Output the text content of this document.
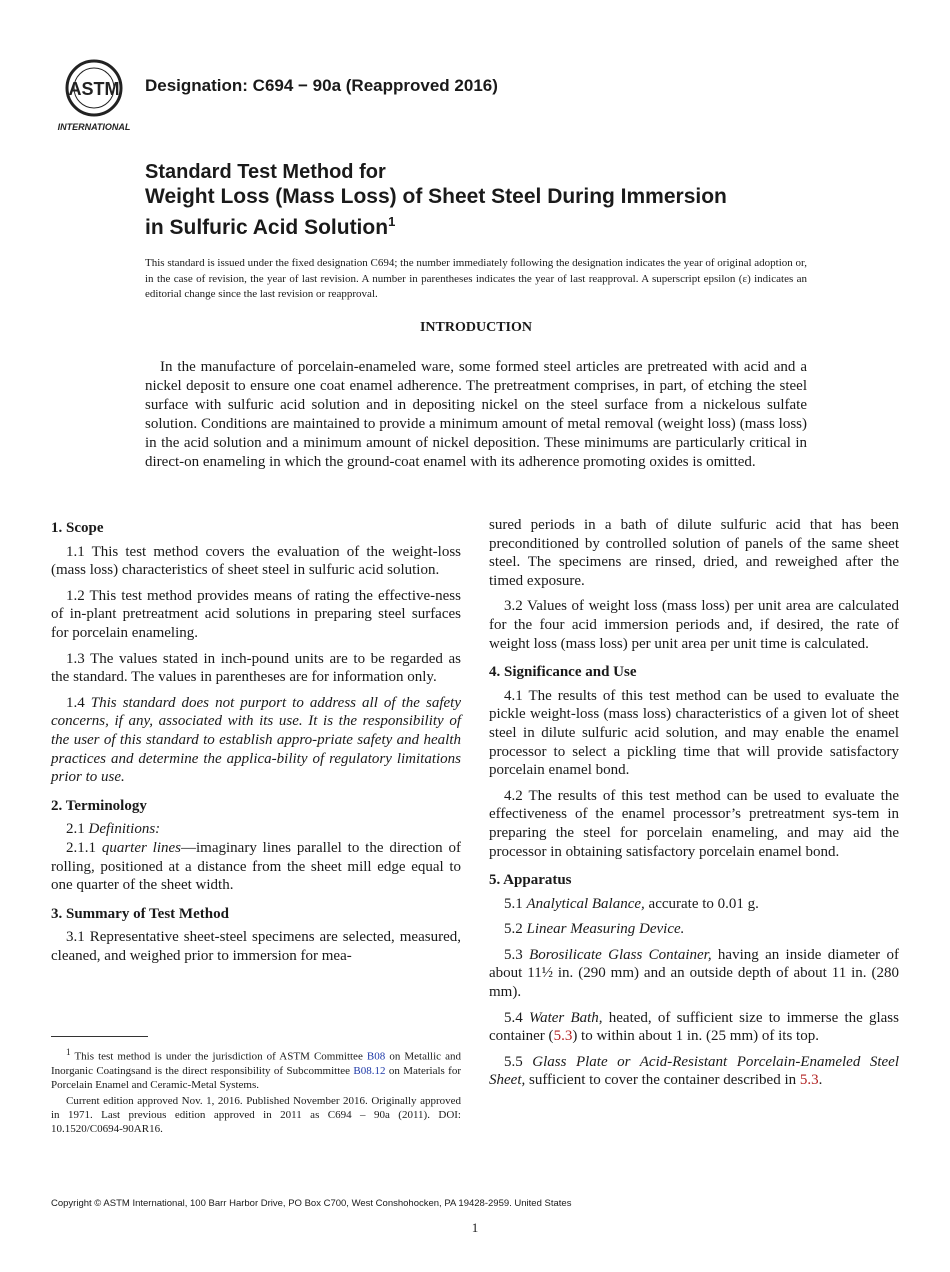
ASTM
INTERNATIONAL
Designation: C694 − 90a (Reapproved 2016)
Standard Test Method for
Weight Loss (Mass Loss) of Sheet Steel During Immersion
in Sulfuric Acid Solution$^1$
This standard is issued under the fixed designation C694; the number immediately following the designation indicates the year of original adoption or, in the case of revision, the year of last revision. A number in parentheses indicates the year of last reapproval. A superscript epsilon (ε) indicates an editorial change since the last revision or reapproval.
INTRODUCTION

In the manufacture of porcelain-enameled ware, some formed steel articles are pretreated with acid and a nickel deposit to ensure one coat enamel adherence. The pretreatment comprises, in part, of etching the steel surface with sulfuric acid solution and in depositing nickel on the steel surface from a nickelous sulfate solution. Conditions are maintained to provide a minimum amount of metal removal (weight loss) (mass loss) in the acid solution and a minimum amount of nickel deposition. These minimums are particularly critical in direct-on enameling in which the ground-coat enamel with its adherence promoting oxides is omitted.

1. Scope

1.1 This test method covers the evaluation of the weight-loss (mass loss) characteristics of sheet steel in sulfuric acid solution.

1.2 This test method provides means of rating the effective-ness of in-plant pretreatment acid solutions in preparing steel surfaces for porcelain enameling.

1.3 The values stated in inch-pound units are to be regarded as the standard. The values in parentheses are for information only.

1.4 This standard does not purport to address all of the safety concerns, if any, associated with its use. It is the responsibility of the user of this standard to establish appro-priate safety and health practices and determine the applica-bility of regulatory limitations prior to use.

2. Terminology

2.1 Definitions:

2.1.1 quarter lines—imaginary lines parallel to the direction of rolling, positioned at a distance from the sheet mill edge equal to one quarter of the sheet width.

3. Summary of Test Method

3.1 Representative sheet-steel specimens are selected, measured, cleaned, and weighed prior to immersion for mea-

sured periods in a bath of dilute sulfuric acid that has been preconditioned by controlled solution of panels of the same sheet steel. The specimens are rinsed, dried, and reweighed after the timed exposure.

3.2 Values of weight loss (mass loss) per unit area are calculated for the four acid immersion periods and, if desired, the rate of weight loss (mass loss) per unit area per unit time is calculated.

4. Significance and Use

4.1 The results of this test method can be used to evaluate the pickle weight-loss (mass loss) characteristics of a given lot of sheet steel in dilute sulfuric acid solution, and may enable the enamel processor to select a pickling time that will provide satisfactory porcelain enamel bond.

4.2 The results of this test method can be used to evaluate the effectiveness of the enamel processor’s pretreatment sys-tem in preparing the steel for porcelain enameling, and may aid the processor in obtaining satisfactory porcelain enamel bond.

5. Apparatus

5.1 Analytical Balance, accurate to 0.01 g.

5.2 Linear Measuring Device.

5.3 Borosilicate Glass Container, having an inside diameter of about 11½ in. (290 mm) and an outside depth of about 11 in. (280 mm).

5.4 Water Bath, heated, of sufficient size to immerse the glass container (5.3) to within about 1 in. (25 mm) of its top.

5.5 Glass Plate or Acid-Resistant Porcelain-Enameled Steel Sheet, sufficient to cover the container described in 5.3.

$^1$ This test method is under the jurisdiction of ASTM Committee B08 on Metallic and Inorganic Coatingsand is the direct responsibility of Subcommittee B08.12 on Materials for Porcelain Enamel and Ceramic-Metal Systems.

Current edition approved Nov. 1, 2016. Published November 2016. Originally approved in 1971. Last previous edition approved in 2011 as C694 – 90a (2011). DOI: 10.1520/C0694-90AR16.

Copyright © ASTM International, 100 Barr Harbor Drive, PO Box C700, West Conshohocken, PA 19428-2959. United States
1
